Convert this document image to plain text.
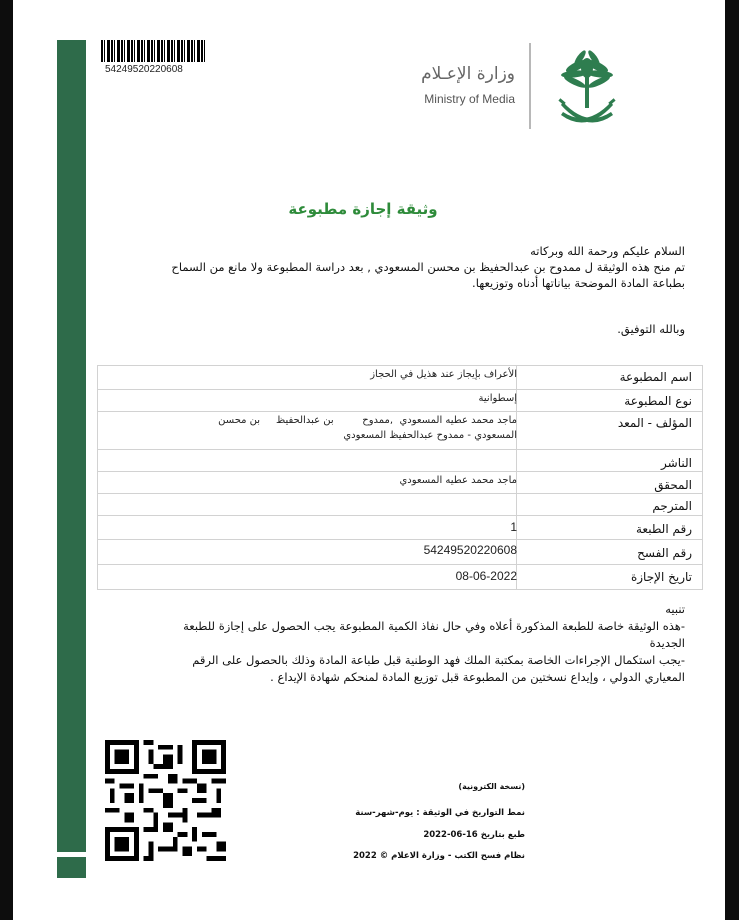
54249520220608	وزارة الإعـلام
Ministry of Media
وثيقة إجازة مطبوعة
السلام عليكم ورحمة الله وبركاته
تم منح هذه الوثيقة ل ممدوح بن عبدالحفيظ بن محسن المسعودي , بعد دراسة المطبوعة ولا مانع من السماح
بطباعة المادة الموضحة بياناتها أدناه وتوزيعها.
وبالله التوفيق.
اسم المطبوعة
الأعراف بإيجاز عند هذيل في الحجاز
نوع المطبوعة
إسطوانية
المؤلف - المعد
ماجد محمد عطيه المسعودي  ,ممدوح         بن عبدالحفيظ     بن محسن
المسعودي - ممدوح عبدالحفيظ المسعودي
الناشر
المحقق
ماجد محمد عطيه المسعودي
المترجم
رقم الطبعة
1
رقم الفسح
54249520220608
تاريخ الإجازة
08-06-2022
تنبيه
-هذه الوثيقة خاصة للطبعة المذكورة أعلاه وفي حال نفاذ الكمية المطبوعة يجب الحصول على إجازة للطبعة
الجديدة
-يجب استكمال الإجراءات الخاصة بمكتبة الملك فهد الوطنية قبل طباعة المادة وذلك بالحصول على الرقم
المعياري الدولي ، وإيداع نسختين من المطبوعة قبل توزيع المادة لمنحكم شهادة الإيداع .
(نسخة الكترونية)
نمط التواريخ في الوثيقة : يوم-شهر-سنة
طبع بتاريخ 16-06-2022
نظام فسح الكتب - وزارة الاعلام © 2022
